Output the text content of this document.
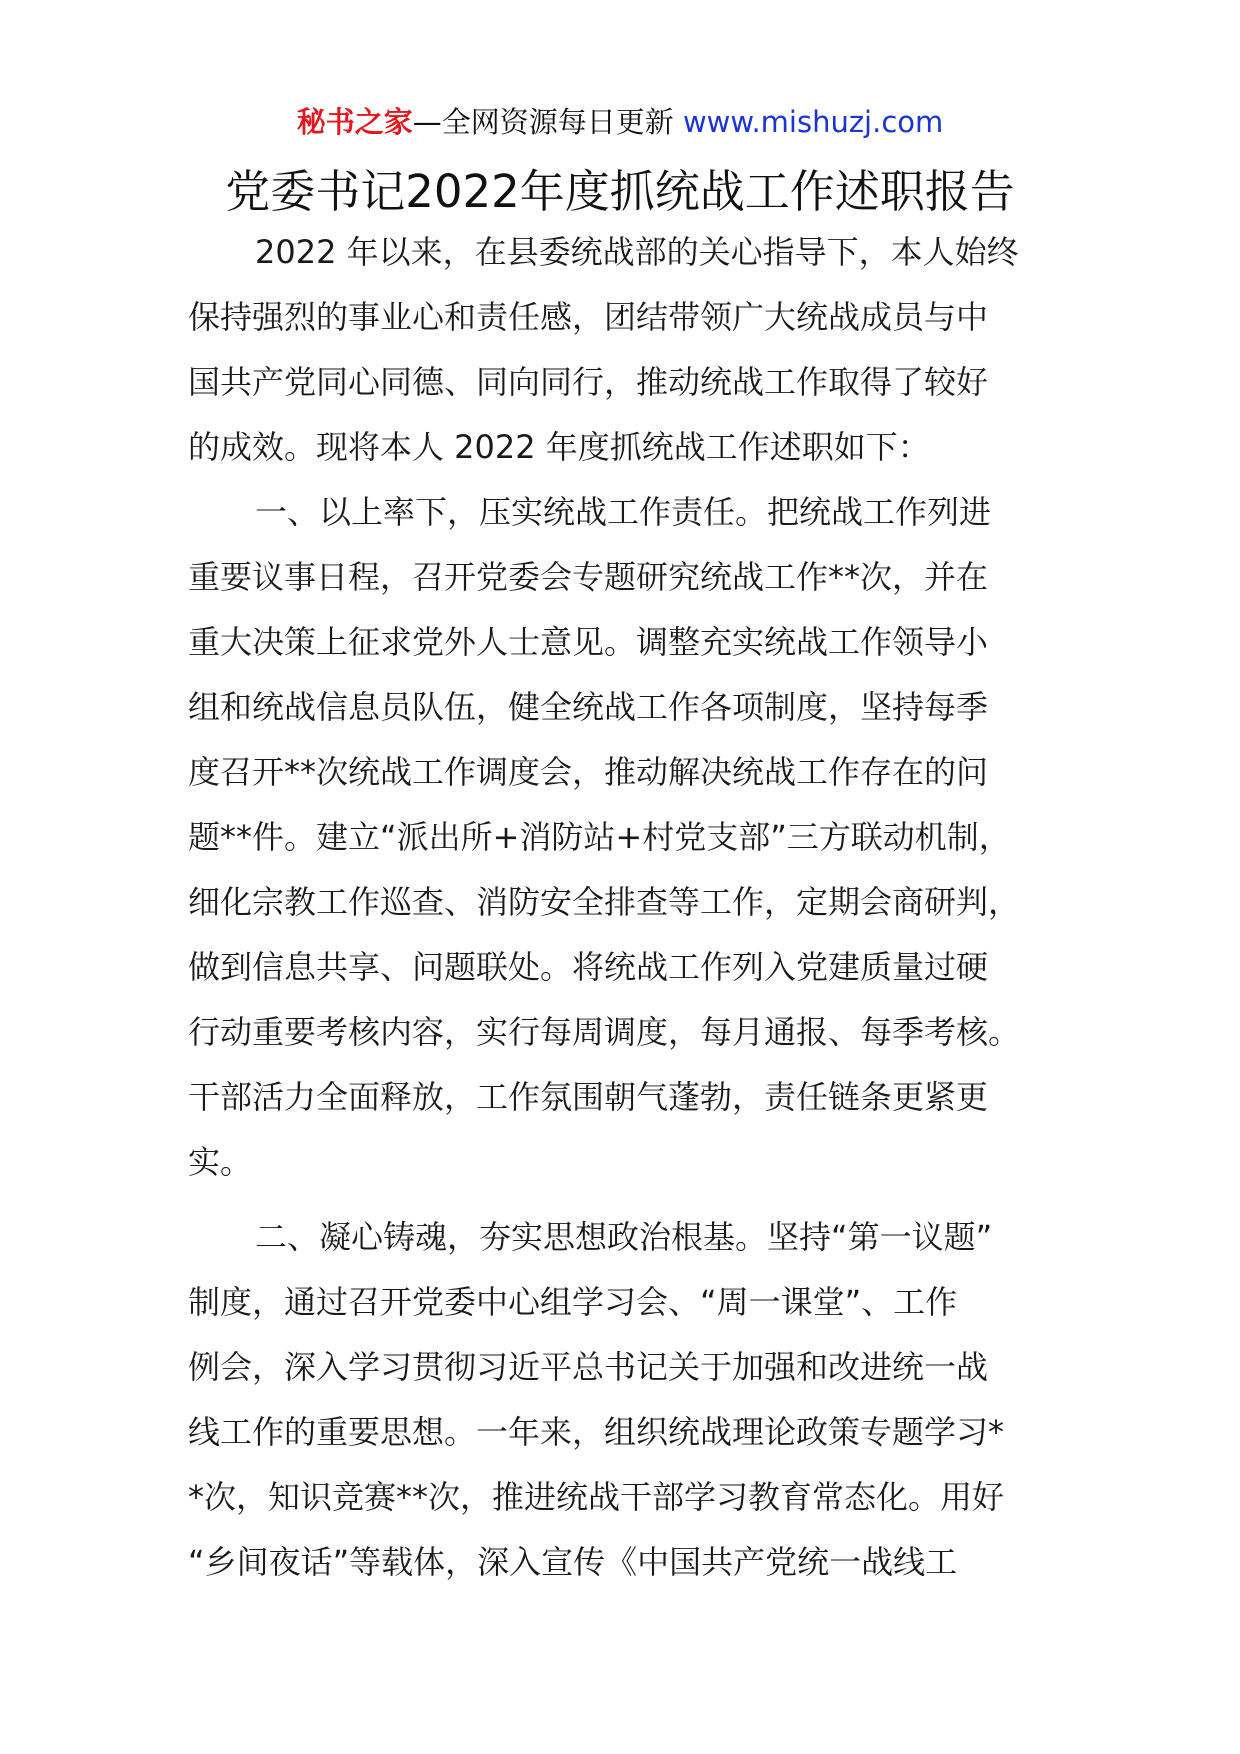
秘书之家—全网资源每日更新 www.mishuzj.com
党委书记2022年度抓统战工作述职报告
2022 年以来，在县委统战部的关心指导下，本人始终
保持强烈的事业心和责任感，团结带领广大统战成员与中
国共产党同心同德、同向同行，推动统战工作取得了较好
的成效。现将本人 2022 年度抓统战工作述职如下：
一、以上率下，压实统战工作责任。把统战工作列进
重要议事日程，召开党委会专题研究统战工作**次，并在
重大决策上征求党外人士意见。调整充实统战工作领导小
组和统战信息员队伍，健全统战工作各项制度，坚持每季
度召开**次统战工作调度会，推动解决统战工作存在的问
题**件。建立“派出所+消防站+村党支部”三方联动机制，
细化宗教工作巡查、消防安全排查等工作，定期会商研判，
做到信息共享、问题联处。将统战工作列入党建质量过硬
行动重要考核内容，实行每周调度，每月通报、每季考核。
干部活力全面释放，工作氛围朝气蓬勃，责任链条更紧更
实。
二、凝心铸魂，夯实思想政治根基。坚持“第一议题”
制度，通过召开党委中心组学习会、“周一课堂”、工作
例会，深入学习贯彻习近平总书记关于加强和改进统一战
线工作的重要思想。一年来，组织统战理论政策专题学习*
*次，知识竞赛**次，推进统战干部学习教育常态化。用好
“乡间夜话”等载体，深入宣传《中国共产党统一战线工
